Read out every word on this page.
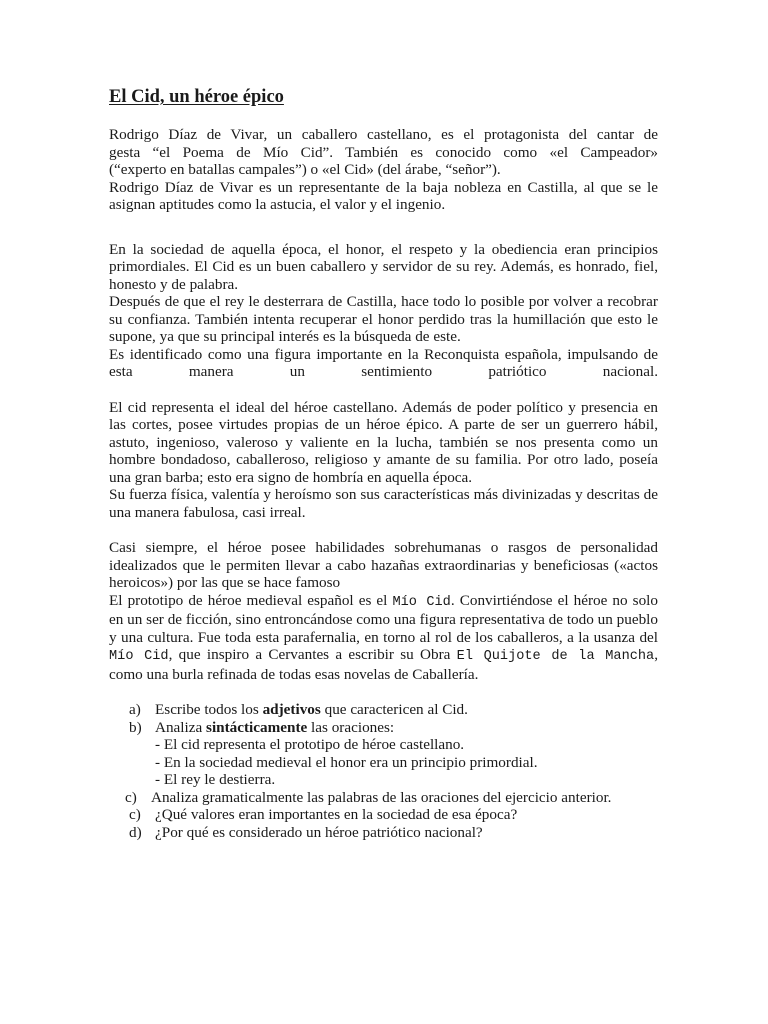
El Cid, un héroe épico
Rodrigo Díaz de Vivar, un caballero castellano, es el protagonista del cantar de
gesta “el Poema de Mío Cid”. También es conocido como «el Campeador»
(“experto en batallas campales”) o «el Cid» (del árabe, “señor”).

Rodrigo Díaz de Vivar es un representante de la baja nobleza en Castilla, al que se le asignan aptitudes como la astucia, el valor y el ingenio.

En la sociedad de aquella época, el honor, el respeto y la obediencia eran principios primordiales. El Cid es un buen caballero y servidor de su rey. Además, es honrado, fiel, honesto y de palabra.

Después de que el rey le desterrara de Castilla, hace todo lo posible por volver a recobrar su confianza. También intenta recuperar el honor perdido tras la humillación que esto le supone, ya que su principal interés es la búsqueda de este.

Es identificado como una figura importante en la Reconquista española, impulsando de esta manera un sentimiento patriótico nacional.

El cid representa el ideal del héroe castellano. Además de poder político y presencia en las cortes, posee virtudes propias de un héroe épico. A parte de ser un guerrero hábil, astuto, ingenioso, valeroso y valiente en la lucha, también se nos presenta como un hombre bondadoso, caballeroso, religioso y amante de su familia. Por otro lado, poseía una gran barba; esto era signo de hombría en aquella época.

Su fuerza física, valentía y heroísmo son sus características más divinizadas y descritas de una manera fabulosa, casi irreal.

Casi siempre, el héroe posee habilidades sobrehumanas o rasgos de personalidad idealizados que le permiten llevar a cabo hazañas extraordinarias y beneficiosas («actos heroicos») por las que se hace famoso

El prototipo de héroe medieval español es el Mío Cid. Convirtiéndose el héroe no solo en un ser de ficción, sino entroncándose como una figura representativa de todo un pueblo y una cultura. Fue toda esta parafernalia, en torno al rol de los caballeros, a la usanza del Mío Cid, que inspiro a Cervantes a escribir su Obra El Quijote de la Mancha, como una burla refinada de todas esas novelas de Caballería.

a) Escribe todos los adjetivos que caractericen al Cid.
b) Analiza sintácticamente las oraciones:
- El cid representa el prototipo de héroe castellano.
- En la sociedad medieval el honor era un principio primordial.
- El rey le destierra.
c) Analiza gramaticalmente las palabras de las oraciones del ejercicio anterior.
c) ¿Qué valores eran importantes en la sociedad de esa época?
d) ¿Por qué es considerado un héroe patriótico nacional?
